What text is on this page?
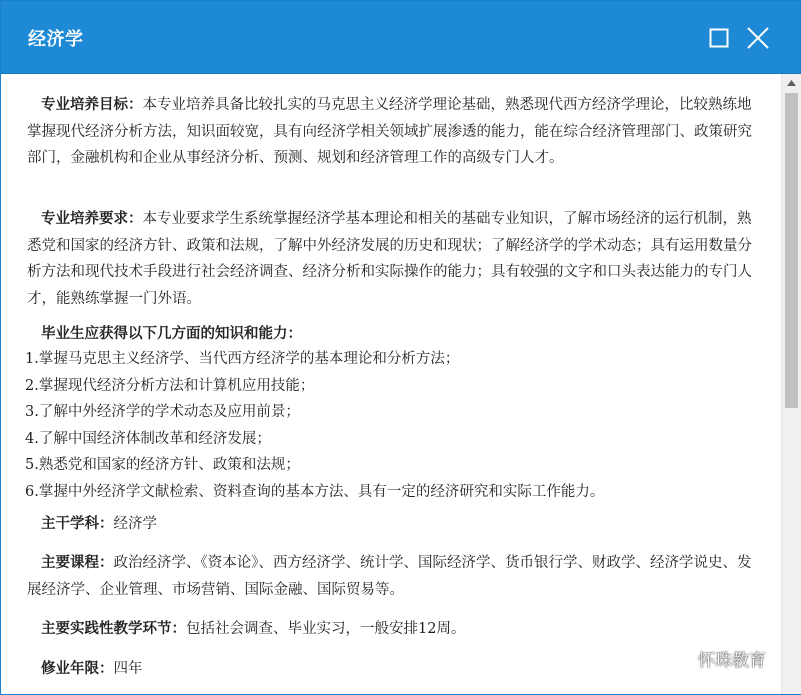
经济学

专业培养目标：本专业培养具备比较扎实的马克思主义经济学理论基础，熟悉现代西方经济学理论，比较熟练地掌握现代经济分析方法，知识面较宽，具有向经济学相关领域扩展渗透的能力，能在综合经济管理部门、政策研究部门，金融机构和企业从事经济分析、预测、规划和经济管理工作的高级专门人才。

专业培养要求：本专业要求学生系统掌握经济学基本理论和相关的基础专业知识，了解市场经济的运行机制，熟悉党和国家的经济方针、政策和法规，了解中外经济发展的历史和现状；了解经济学的学术动态；具有运用数量分析方法和现代技术手段进行社会经济调查、经济分析和实际操作的能力；具有较强的文字和口头表达能力的专门人才，能熟练掌握一门外语。

毕业生应获得以下几方面的知识和能力：

1.掌握马克思主义经济学、当代西方经济学的基本理论和分析方法；
2.掌握现代经济分析方法和计算机应用技能；
3.了解中外经济学的学术动态及应用前景；
4.了解中国经济体制改革和经济发展；
5.熟悉党和国家的经济方针、政策和法规；
6.掌握中外经济学文献检索、资料查询的基本方法、具有一定的经济研究和实际工作能力。

主干学科：经济学

主要课程：政治经济学、《资本论》、西方经济学、统计学、国际经济学、货币银行学、财政学、经济学说史、发展经济学、企业管理、市场营销、国际金融、国际贸易等。

主要实践性教学环节：包括社会调查、毕业实习，一般安排12周。

修业年限：四年	怀珠教育
